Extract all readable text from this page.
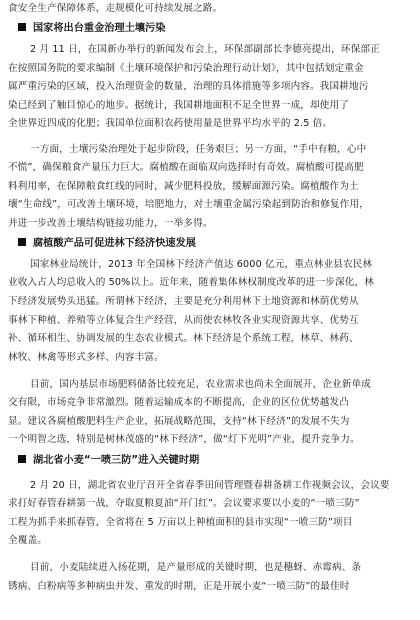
食安全生产保障体系，走规模化可持续发展之路。
国家将出台重金治理土壤污染
2 月 11 日，在国新办举行的新闻发布会上，环保部副部长李德亮提出，环保部正
在按照国务院的要求编制《土壤环境保护和污染治理行动计划》，其中包括划定重金
属严重污染的区域，投入治理资金的数量，治理的具体措施等多项内容。我国耕地污
染已经到了触目惊心的地步。据统计，我国耕地面积不足全世界一成，却使用了
全世界近四成的化肥；我国单位面积农药使用量是世界平均水平的 2.5 倍。
一方面，土壤污染治理处于起步阶段，任务艰巨；另一方面，“手中有粮，心中
不慌”，确保粮食产量压力巨大。腐植酸在面临双向选择时有奇效。腐植酸可提高肥
料利用率，在保障粮食红线的同时，减少肥料投放，缓解面源污染。腐植酸作为土
壤“生命线”，可改善土壤环境，培肥地力，对土壤重金属污染起到防治和修复作用，
并进一步改善土壤结构链接功能力，一举多得。
腐植酸产品可促进林下经济快速发展
国家林业局统计，2013 年全国林下经济产值达 6000 亿元，重点林业县农民林
业收入占人均总收入的 50%以上。近年来，随着集体林权制度改革的进一步深化，林
下经济发展势头迅猛。所谓林下经济，主要是充分利用林下土地资源和林荫优势从
事林下种植、养殖等立体复合生产经营，从而使农林牧各业实现资源共享、优势互
补、循环相生、协调发展的生态农业模式。林下经济是个系统工程，林草、林药、
林牧、林禽等形式多样、内容丰富。
目前，国内基层市场肥料储备比较充足，农业需求也尚未全面展开，企业新单成
交有限，市场竞争非常激烈。随着运输成本的不断提高，企业的区位优势越发凸
显。建议各腐植酸肥料生产企业，拓展战略范围，支持“林下经济”的发展不失为
一个明智之选，特别是树林茂盛的“林下经济”，做“灯下光明”产业，提升竞争力。
湖北省小麦“一喷三防”进入关键时期
2 月 20 日，湖北省农业厅召开全省春季田间管理暨春耕备耕工作视频会议，会议要
求打好春管春耕第一战，夺取夏粮夏油“开门红”。会议要求要以小麦的“一喷三防”
工程为抓手来抓春管，全省将在 5 万亩以上种植面积的县市实现“一喷三防”项目
全覆盖。
目前，小麦陆续进入扬花期，是产量形成的关键时期，也是穗蚜、赤霉病、条
锈病、白粉病等多种病虫并发、重发的时期，正是开展小麦“一喷三防”的最佳时
